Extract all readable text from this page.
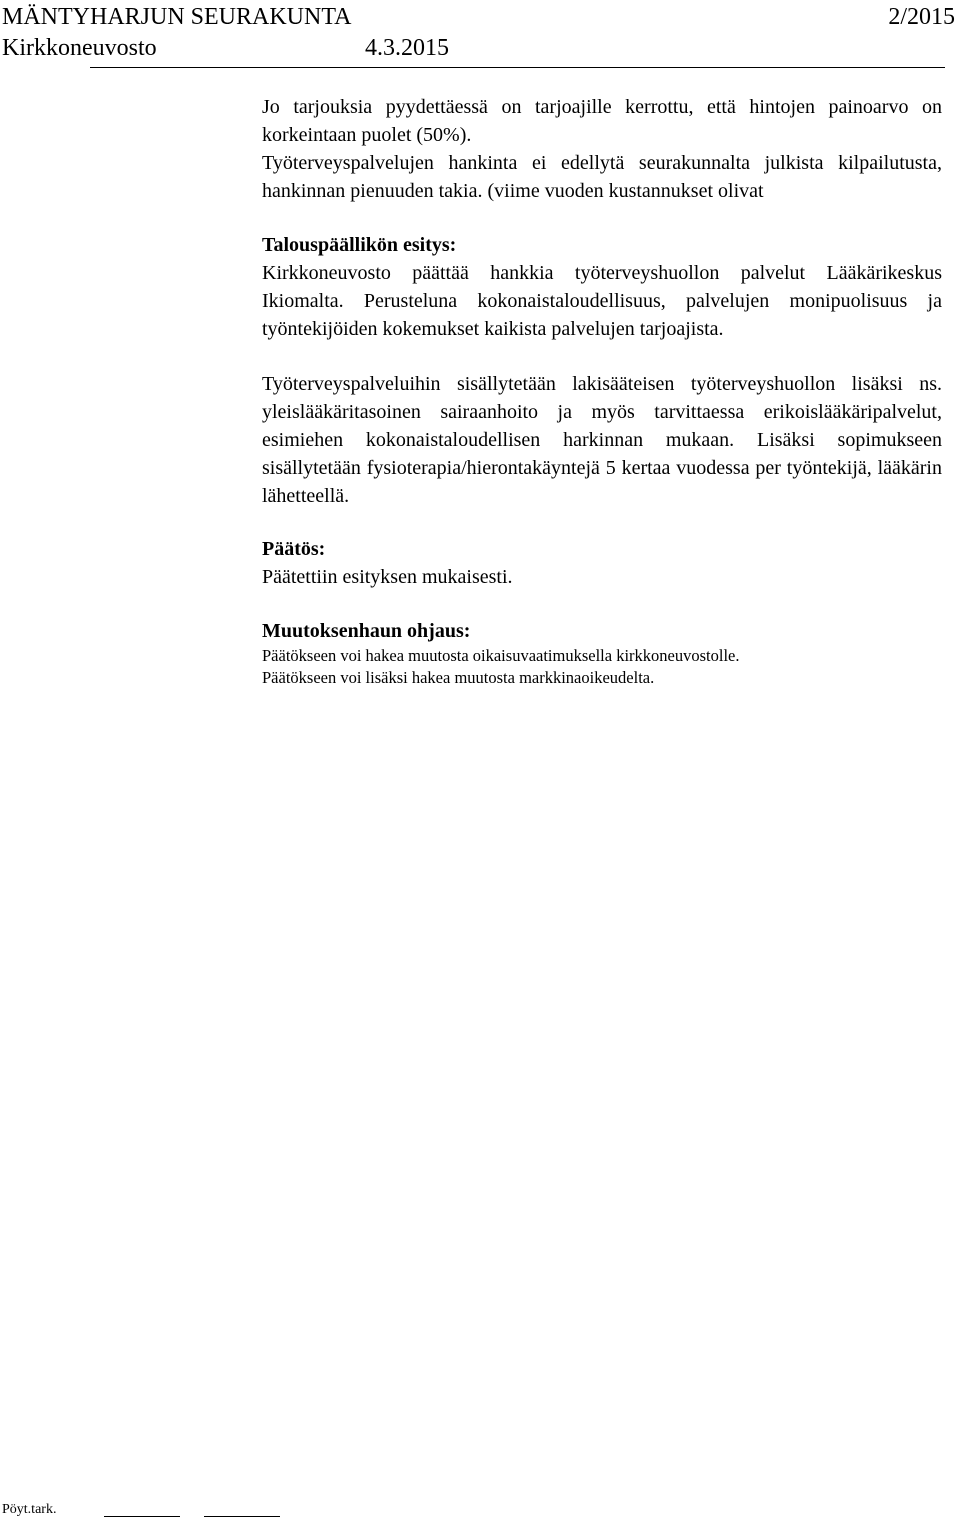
MÄNTYHARJUN SEURAKUNTA	2/2015
Kirkkoneuvosto	4.3.2015

Jo tarjouksia pyydettäessä on tarjoajille kerrottu, että hintojen painoarvo on korkeintaan puolet (50%).

Työterveyspalvelujen hankinta ei edellytä seurakunnalta julkista kilpailutusta, hankinnan pienuuden takia. (viime vuoden kustannukset olivat

Talouspäällikön esitys:

Kirkkoneuvosto päättää hankkia työterveyshuollon palvelut Lääkärikeskus Ikiomalta. Perusteluna kokonaistaloudellisuus, palvelujen monipuolisuus ja työntekijöiden kokemukset kaikista palvelujen tarjoajista.

Työterveyspalveluihin sisällytetään lakisääteisen työterveyshuollon lisäksi ns. yleislääkäritasoinen sairaanhoito ja myös tarvittaessa erikoislääkäripalvelut, esimiehen kokonaistaloudellisen harkinnan mukaan. Lisäksi sopimukseen sisällytetään fysioterapia/hierontakäyntejä 5 kertaa vuodessa per työntekijä, lääkärin lähetteellä.

Päätös:

Päätettiin esityksen mukaisesti.

Muutoksenhaun ohjaus:

Päätökseen voi hakea muutosta oikaisuvaatimuksella kirkkoneuvostolle.

Päätökseen voi lisäksi hakea muutosta markkinaoikeudelta.

Pöyt.tark.
